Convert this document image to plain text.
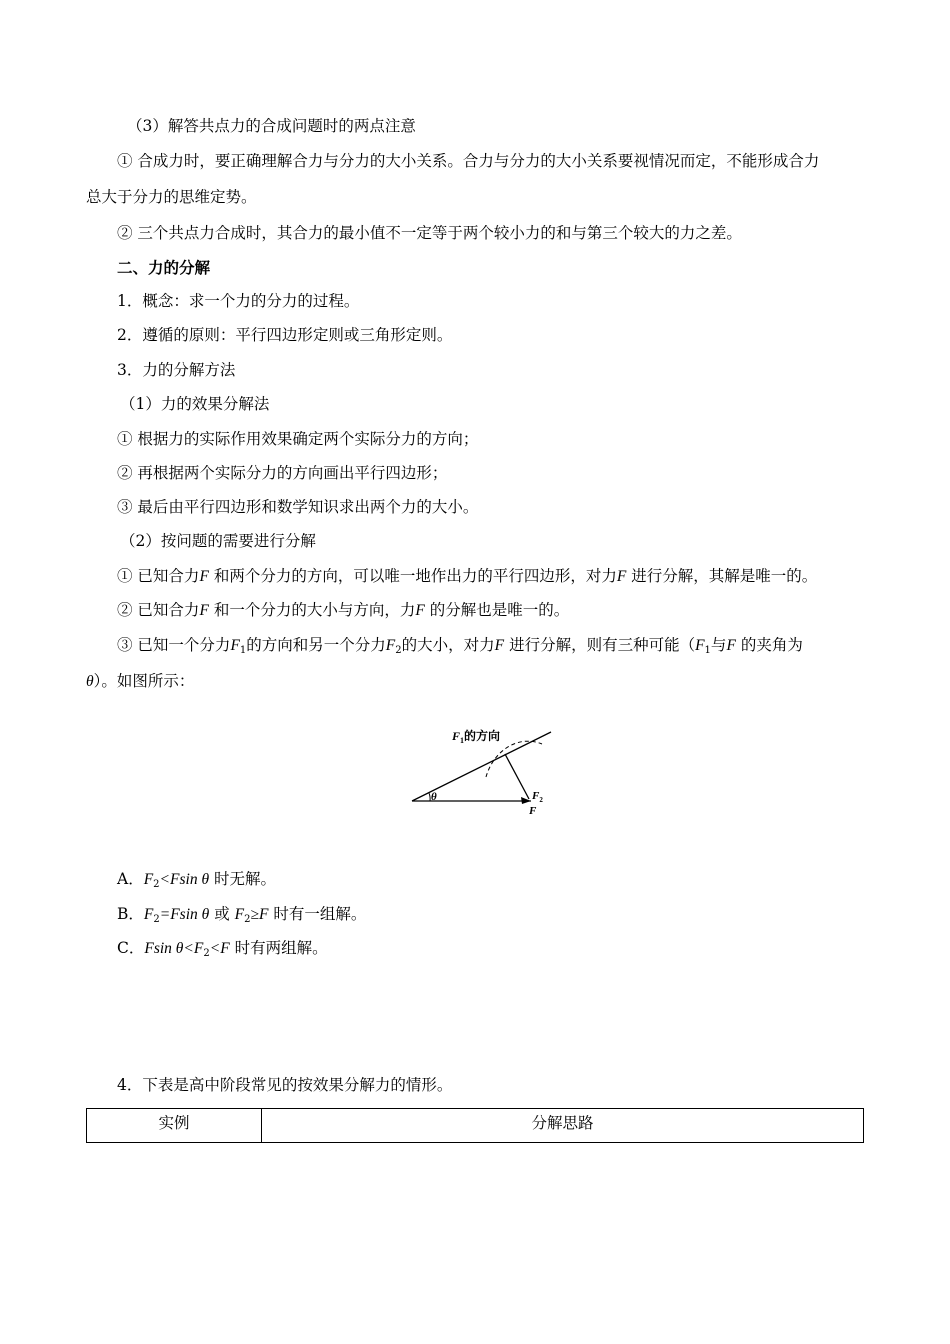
（3）解答共点力的合成问题时的两点注意
① 合成力时，要正确理解合力与分力的大小关系。合力与分力的大小关系要视情况而定，不能形成合力
总大于分力的思维定势。
② 三个共点力合成时，其合力的最小值不一定等于两个较小力的和与第三个较大的力之差。
二、力的分解
1．概念：求一个力的分力的过程。
2．遵循的原则：平行四边形定则或三角形定则。
3．力的分解方法
（1）力的效果分解法
① 根据力的实际作用效果确定两个实际分力的方向；
② 再根据两个实际分力的方向画出平行四边形；
③ 最后由平行四边形和数学知识求出两个力的大小。
（2）按问题的需要进行分解
① 已知合力F 和两个分力的方向，可以唯一地作出力的平行四边形，对力F 进行分解，其解是唯一的。
② 已知合力F 和一个分力的大小与方向，力F 的分解也是唯一的。
③ 已知一个分力$F_1$的方向和另一个分力$F_2$的大小，对力F 进行分解，则有三种可能（$F_1$与F 的夹角为
θ）。如图所示：
θ
$F_1$的方向
$F_2$
F
A．$F_2<Fsin$ θ 时无解。
B．$F_2=Fsin$ θ 或 $F_2\ge F$ 时有一组解。
C．Fsin $\theta<F_2<F$ 时有两组解。
4．下表是高中阶段常见的按效果分解力的情形。
实例	分解思路
